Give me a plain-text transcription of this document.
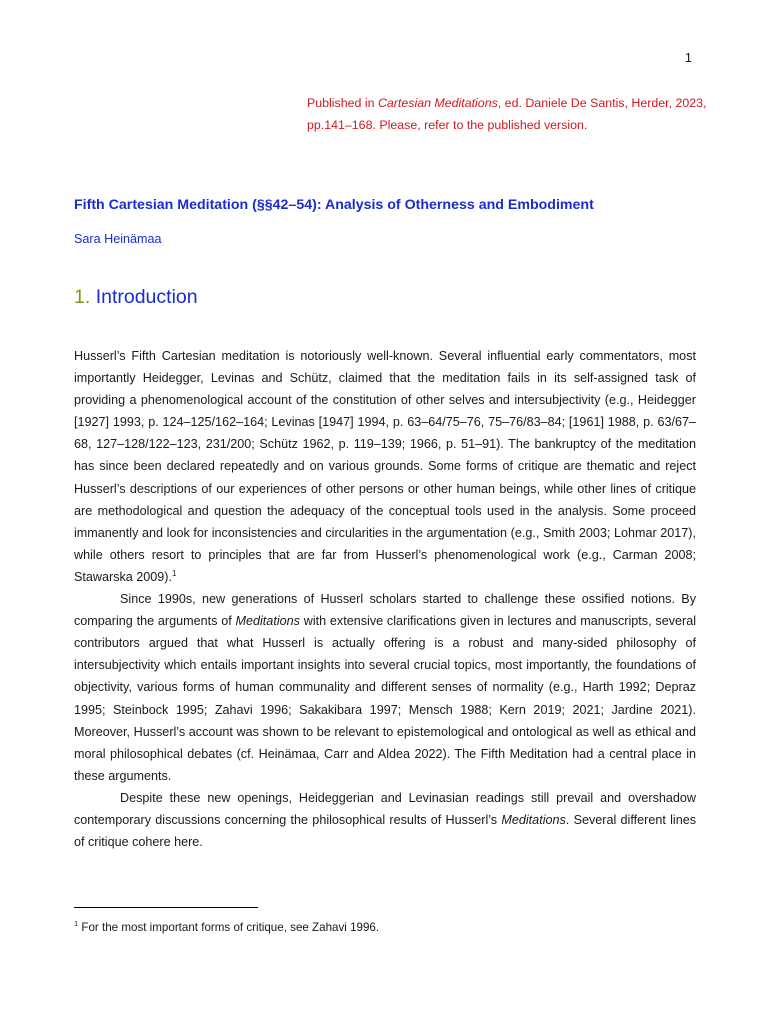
1
Published in Cartesian Meditations, ed. Daniele De Santis, Herder, 2023, pp.141–168. Please, refer to the published version.
Fifth Cartesian Meditation (§§42–54): Analysis of Otherness and Embodiment
Sara Heinämaa
1. Introduction

Husserl’s Fifth Cartesian meditation is notoriously well-known. Several influential early commentators, most importantly Heidegger, Levinas and Schütz, claimed that the meditation fails in its self-assigned task of providing a phenomenological account of the constitution of other selves and intersubjectivity (e.g., Heidegger [1927] 1993, p. 124–125/162–164; Levinas [1947] 1994, p. 63–64/75–76, 75–76/83–84; [1961] 1988, p. 63/67–68, 127–128/122–123, 231/200; Schütz 1962, p. 119–139; 1966, p. 51–91). The bankruptcy of the meditation has since been declared repeatedly and on various grounds. Some forms of critique are thematic and reject Husserl’s descriptions of our experiences of other persons or other human beings, while other lines of critique are methodological and question the adequacy of the conceptual tools used in the analysis. Some proceed immanently and look for inconsistencies and circularities in the argumentation (e.g., Smith 2003; Lohmar 2017), while others resort to principles that are far from Husserl’s phenomenological work (e.g., Carman 2008; Stawarska 2009).$^1$

Since 1990s, new generations of Husserl scholars started to challenge these ossified notions. By comparing the arguments of Meditations with extensive clarifications given in lectures and manuscripts, several contributors argued that what Husserl is actually offering is a robust and many-sided philosophy of intersubjectivity which entails important insights into several crucial topics, most importantly, the foundations of objectivity, various forms of human communality and different senses of normality (e.g., Harth 1992; Depraz 1995; Steinbock 1995; Zahavi 1996; Sakakibara 1997; Mensch 1988; Kern 2019; 2021; Jardine 2021). Moreover, Husserl’s account was shown to be relevant to epistemological and ontological as well as ethical and moral philosophical debates (cf. Heinämaa, Carr and Aldea 2022). The Fifth Meditation had a central place in these arguments.

Despite these new openings, Heideggerian and Levinasian readings still prevail and overshadow contemporary discussions concerning the philosophical results of Husserl’s Meditations. Several different lines of critique cohere here.

$^1$ For the most important forms of critique, see Zahavi 1996.
